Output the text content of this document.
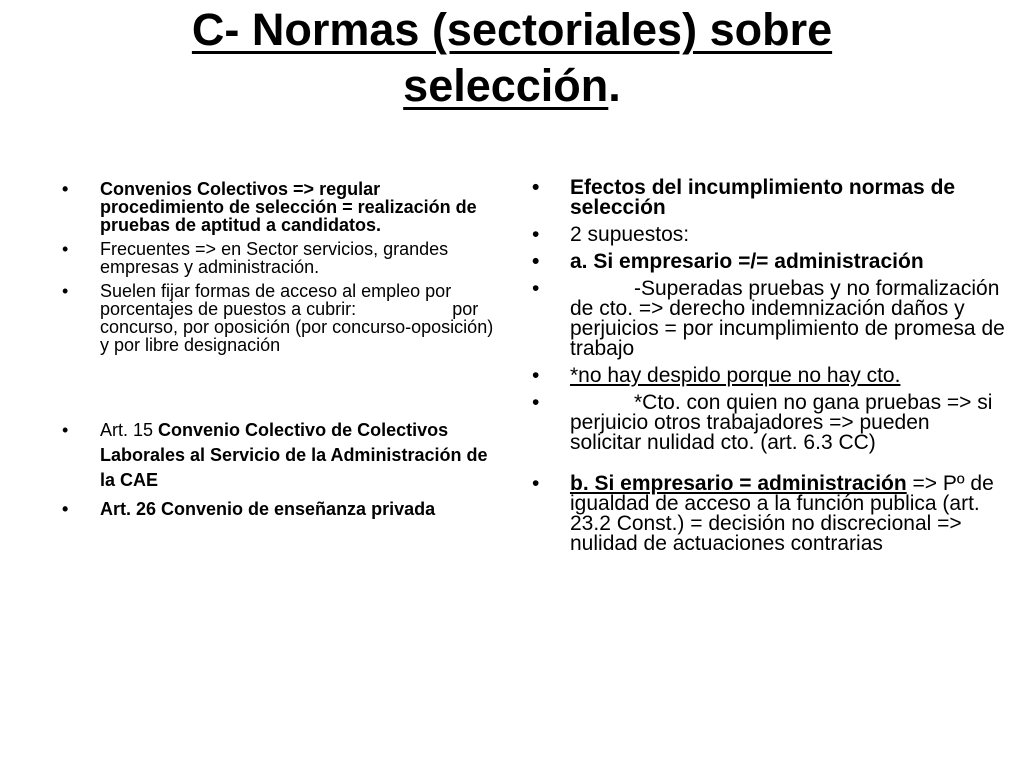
C- Normas (sectoriales) sobre
selección.
• Convenios Colectivos => regular procedimiento de selección = realización de pruebas de aptitud a candidatos.
• Frecuentes => en Sector servicios, grandes empresas y administración.
• Suelen fijar formas de acceso al empleo por porcentajes de puestos a cubrir:	por concurso, por oposición (por concurso-oposición) y por libre designación
• Art. 15 Convenio Colectivo de Colectivos Laborales al Servicio de la Administración de la CAE
• Art. 26 Convenio de enseñanza privada
• Efectos del incumplimiento normas de selección
• 2 supuestos:
• a. Si empresario =/= administración
• -Superadas pruebas y no formalización de cto. => derecho indemnización daños y perjuicios = por incumplimiento de promesa de trabajo
• *no hay despido porque no hay cto.
• *Cto. con quien no gana pruebas => si perjuicio otros trabajadores => puedensolicitar nulidad cto. (art. 6.3 CC)
• b. Si empresario = administración => Pº de igualdad de acceso a la función publica (art. 23.2 Const.) = decisión no discrecional => nulidad de actuaciones contrarias
